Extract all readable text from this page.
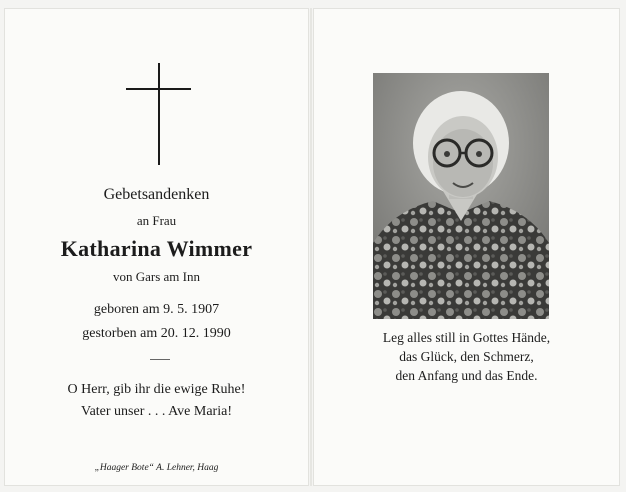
Gebetsandenken
an Frau
Katharina Wimmer
von Gars am Inn
geboren am 9. 5. 1907
gestorben am 20. 12. 1990
O Herr, gib ihr die ewige Ruhe!
Vater unser . . . Ave Maria!
„Haager Bote“ A. Lehner, Haag
Leg alles still in Gottes Hände,
das Glück, den Schmerz,
den Anfang und das Ende.
